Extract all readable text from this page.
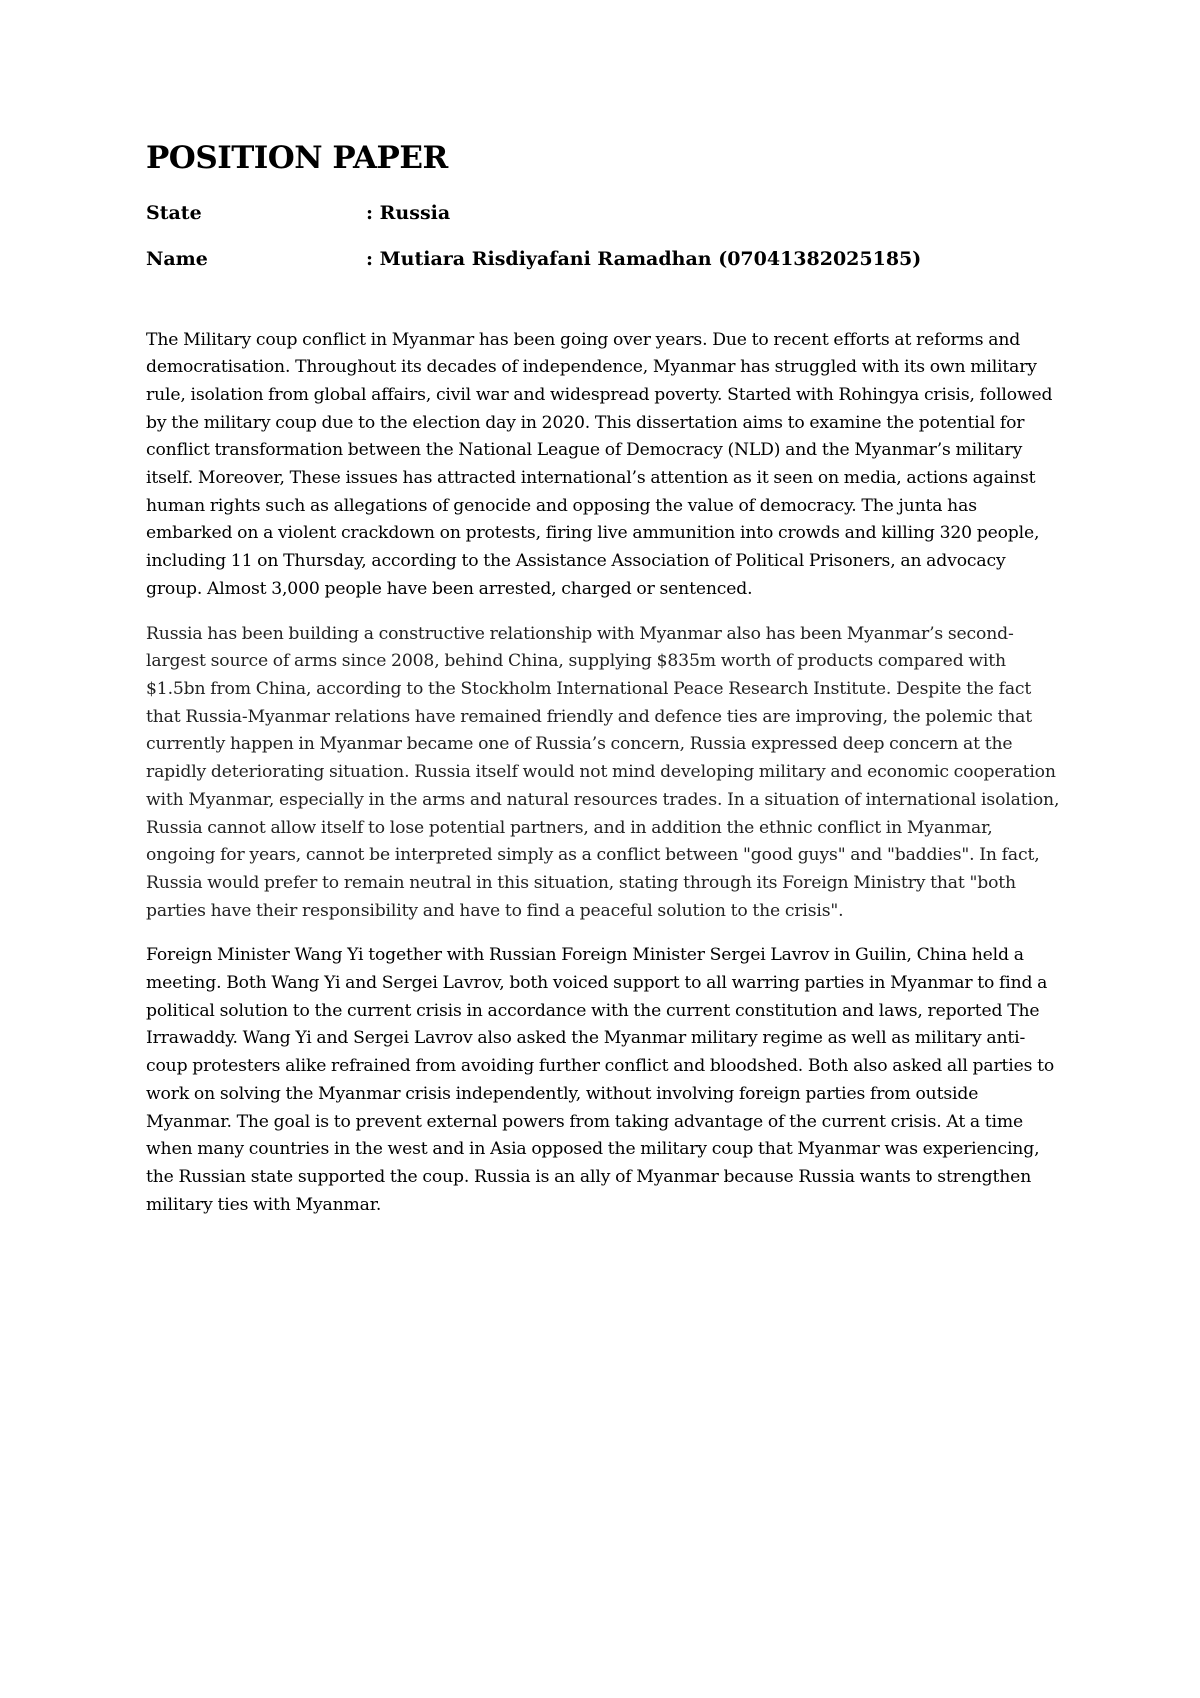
POSITION PAPER
State	: Russia
Name	: Mutiara Risdiyafani Ramadhan (07041382025185)

The Military coup conflict in Myanmar has been going over years. Due to recent efforts at reforms and democratisation. Throughout its decades of independence, Myanmar has struggled with its own military rule, isolation from global affairs, civil war and widespread poverty. Started with Rohingya crisis, followed by the military coup due to the election day in 2020. This dissertation aims to examine the potential for conflict transformation between the National League of Democracy (NLD) and the Myanmar’s military itself. Moreover, These issues has attracted international’s attention as it seen on media, actions against human rights such as allegations of genocide and opposing the value of democracy. The junta has embarked on a violent crackdown on protests, firing live ammunition into crowds and killing 320 people, including 11 on Thursday, according to the Assistance Association of Political Prisoners, an advocacy group. Almost 3,000 people have been arrested, charged or sentenced.

Russia has been building a constructive relationship with Myanmar also has been Myanmar’s second-largest source of arms since 2008, behind China, supplying $835m worth of products compared with $1.5bn from China, according to the Stockholm International Peace Research Institute. Despite the fact that Russia-Myanmar relations have remained friendly and defence ties are improving, the polemic that currently happen in Myanmar became one of Russia’s concern, Russia expressed deep concern at the rapidly deteriorating situation. Russia itself would not mind developing military and economic cooperation with Myanmar, especially in the arms and natural resources trades. In a situation of international isolation, Russia cannot allow itself to lose potential partners, and in addition the ethnic conflict in Myanmar, ongoing for years, cannot be interpreted simply as a conflict between "good guys" and "baddies". In fact, Russia would prefer to remain neutral in this situation, stating through its Foreign Ministry that "both parties have their responsibility and have to find a peaceful solution to the crisis".

Foreign Minister Wang Yi together with Russian Foreign Minister Sergei Lavrov in Guilin, China held a meeting. Both Wang Yi and Sergei Lavrov, both voiced support to all warring parties in Myanmar to find a political solution to the current crisis in accordance with the current constitution and laws, reported The Irrawaddy. Wang Yi and Sergei Lavrov also asked the Myanmar military regime as well as military anti-coup protesters alike refrained from avoiding further conflict and bloodshed. Both also asked all parties to work on solving the Myanmar crisis independently, without involving foreign parties from outside Myanmar. The goal is to prevent external powers from taking advantage of the current crisis. At a time when many countries in the west and in Asia opposed the military coup that Myanmar was experiencing, the Russian state supported the coup. Russia is an ally of Myanmar because Russia wants to strengthen military ties with Myanmar.
